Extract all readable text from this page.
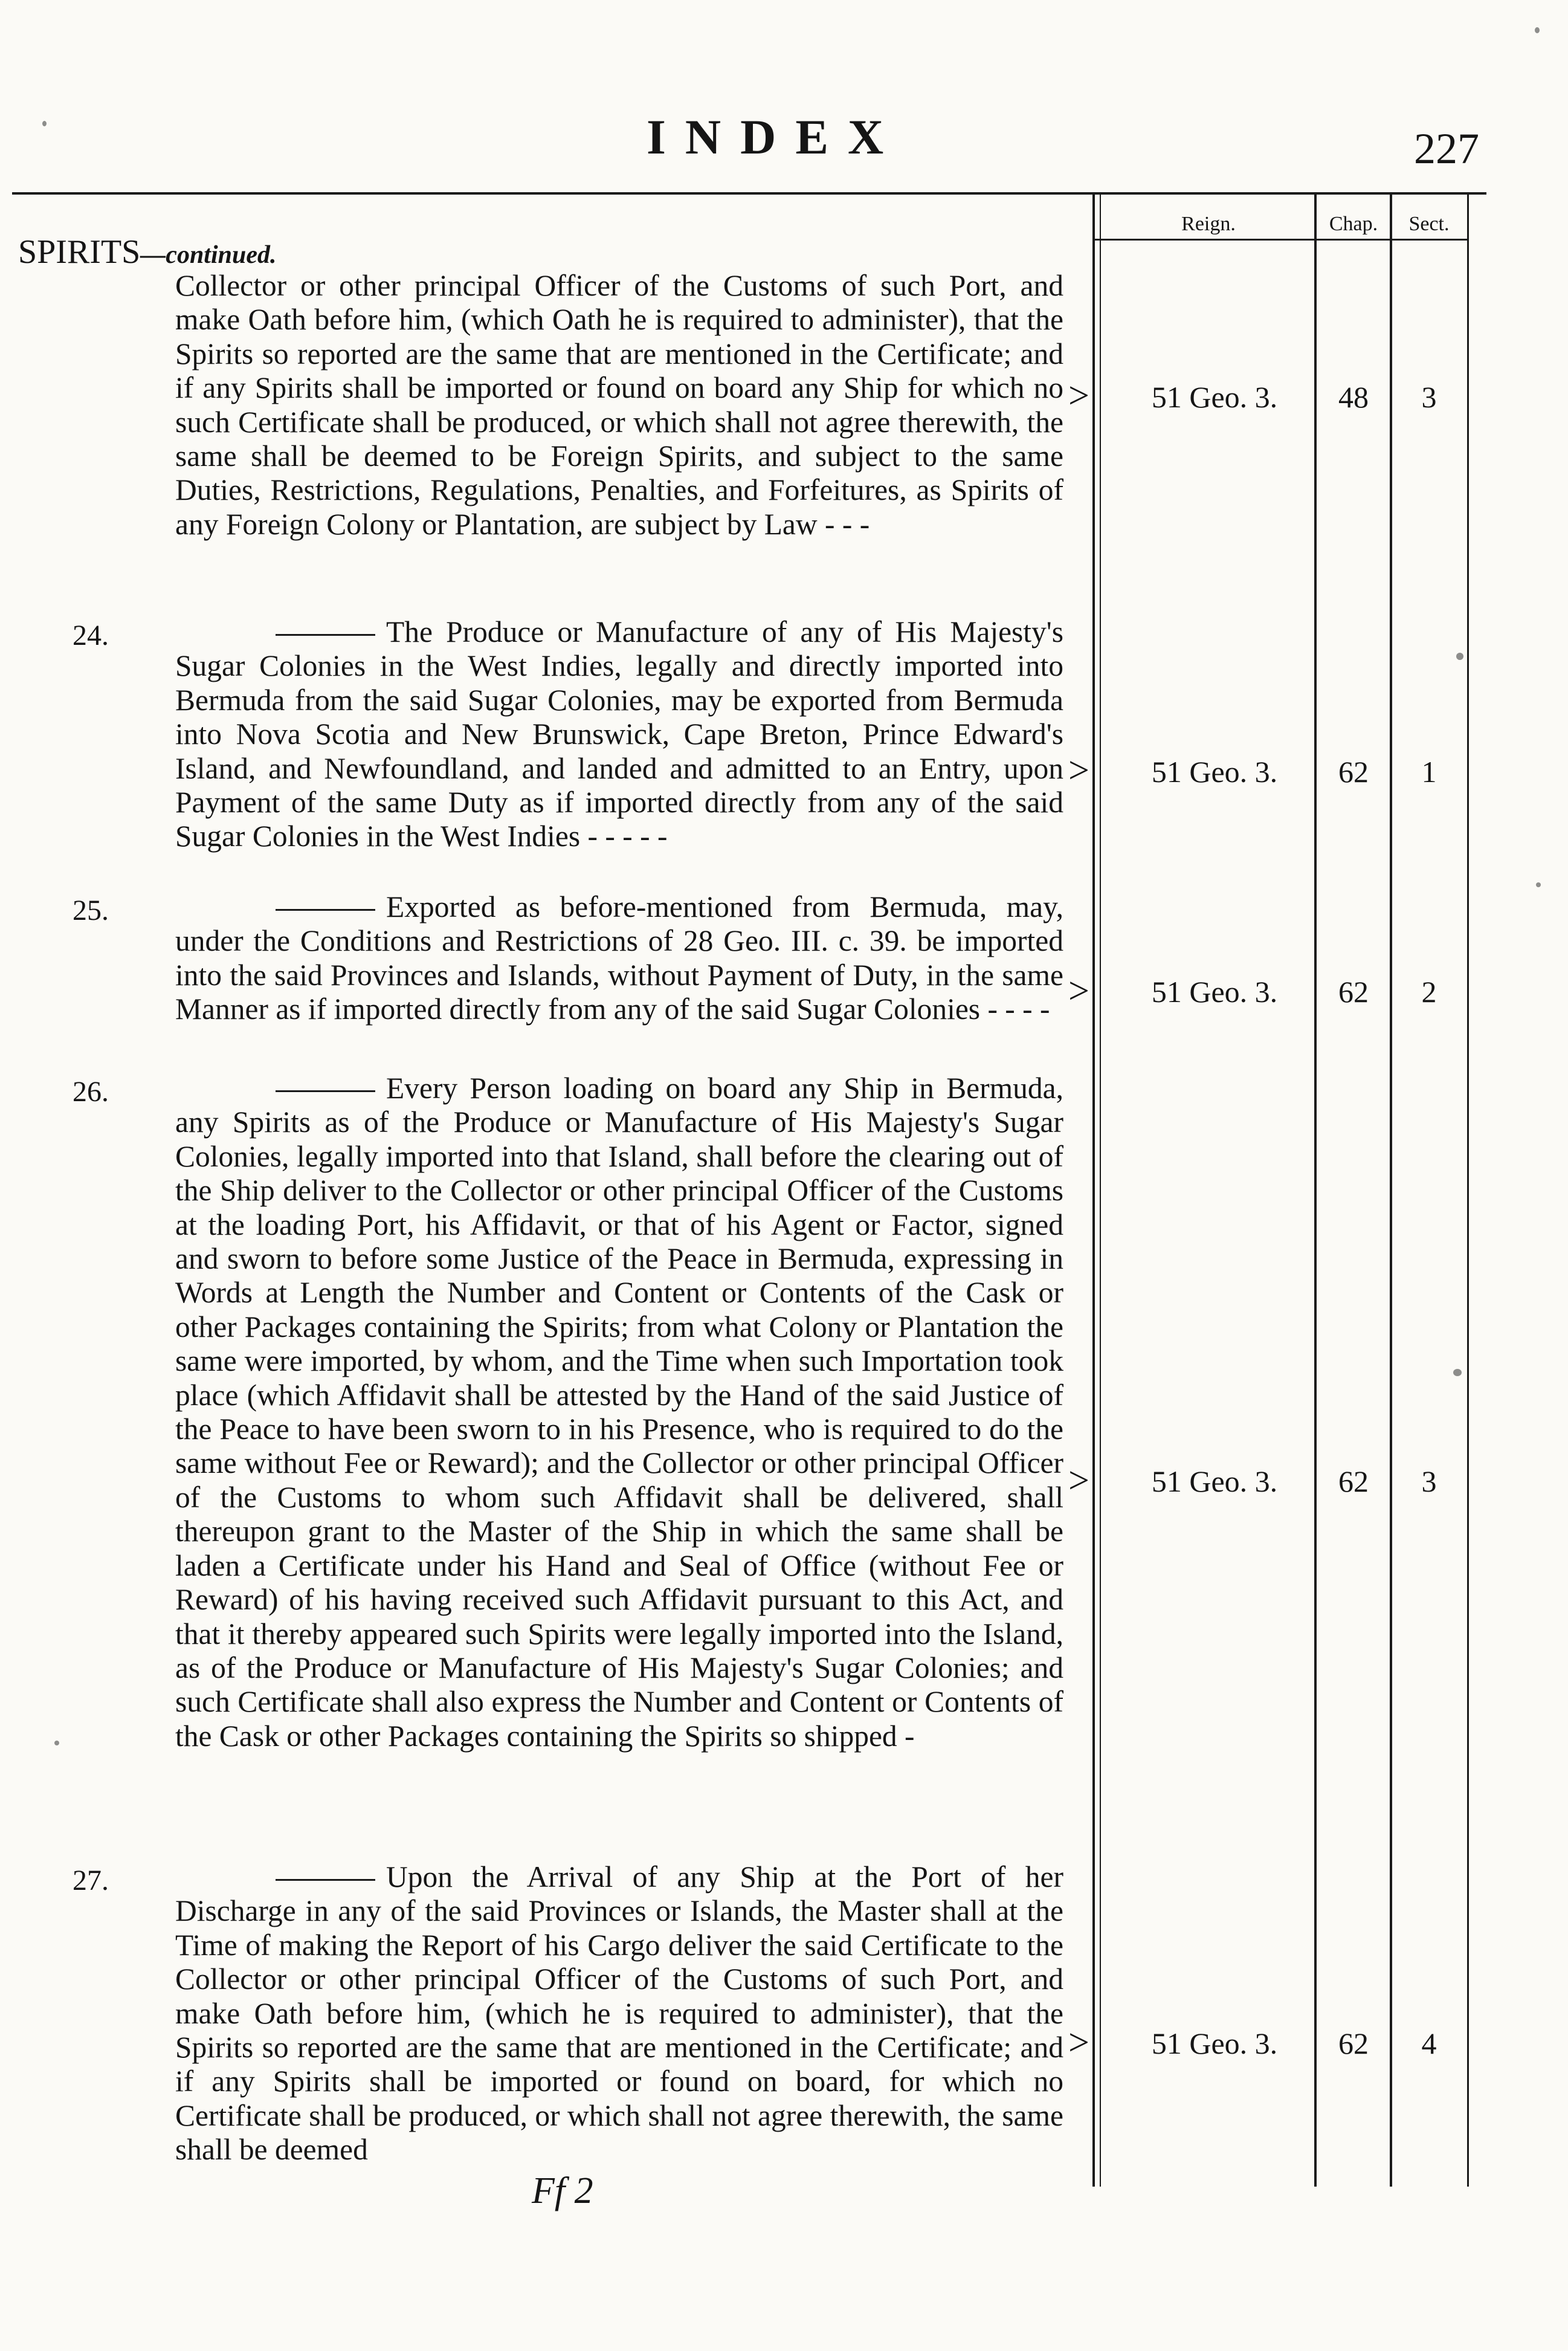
INDEX	227
Reign.	Chap.	Sect.
SPIRITS—continued.
Collector or other principal Officer of the Customs of such Port, and make Oath before him, (which Oath he is required to administer), that the Spirits so reported are the same that are mentioned in the Certificate; and if any Spirits shall be imported or found on board any Ship for which no such Certificate shall be produced, or which shall not agree therewith, the same shall be deemed to be Foreign Spirits, and subject to the same Duties, Restrictions, Regulations, Penalties, and Forfeitures, as Spirits of any Foreign Colony or Plantation, are subject by Law - - -
>	51 Geo. 3.	48	3
24.	The Produce or Manufacture of any of His Majesty's Sugar Colonies in the West Indies, legally and directly imported into Bermuda from the said Sugar Colonies, may be exported from Bermuda into Nova Scotia and New Brunswick, Cape Breton, Prince Edward's Island, and Newfoundland, and landed and admitted to an Entry, upon Payment of the same Duty as if imported directly from any of the said Sugar Colonies in the West Indies - - - - -
>	51 Geo. 3.	62	1
25.	Exported as before-mentioned from Bermuda, may, under the Conditions and Restrictions of 28 Geo. III. c. 39. be imported into the said Provinces and Islands, without Payment of Duty, in the same Manner as if imported directly from any of the said Sugar Colonies - - - - >	51 Geo. 3.	62	2
26.	Every Person loading on board any Ship in Bermuda, any Spirits as of the Produce or Manufacture of His Majesty's Sugar Colonies, legally imported into that Island, shall before the clearing out of the Ship deliver to the Collector or other principal Officer of the Customs at the loading Port, his Affidavit, or that of his Agent or Factor, signed and sworn to before some Justice of the Peace in Bermuda, expressing in Words at Length the Number and Content or Contents of the Cask or other Packages containing the Spirits; from what Colony or Plantation the same were imported, by whom, and the Time when such Importation took place (which Affidavit shall be attested by the Hand of the said Justice of the Peace to have been sworn to in his Presence, who is required to do the same without Fee or Reward); and the Collector or other principal Officer of the Customs to whom such Affidavit shall be delivered, shall thereupon grant to the Master of the Ship in which the same shall be laden a Certificate under his Hand and Seal of Office (without Fee or Reward) of his having received such Affidavit pursuant to this Act, and that it thereby appeared such Spirits were legally imported into the Island, as of the Produce or Manufacture of His Majesty's Sugar Colonies; and such Certificate shall also express the Number and Content or Contents of the Cask or other Packages containing the Spirits so shipped -
>	51 Geo. 3.	62	3
27.	Upon the Arrival of any Ship at the Port of her Discharge in any of the said Provinces or Islands, the Master shall at the Time of making the Report of his Cargo deliver the said Certificate to the Collector or other principal Officer of the Customs of such Port, and make Oath before him, (which he is required to administer), that the Spirits so reported are the same that are mentioned in the Certificate; and if any Spirits shall be imported or found on board, for which no Certificate shall be produced, or which shall not agree therewith, the same shall be deemed
>	51 Geo. 3.	62	4
Ff 2
